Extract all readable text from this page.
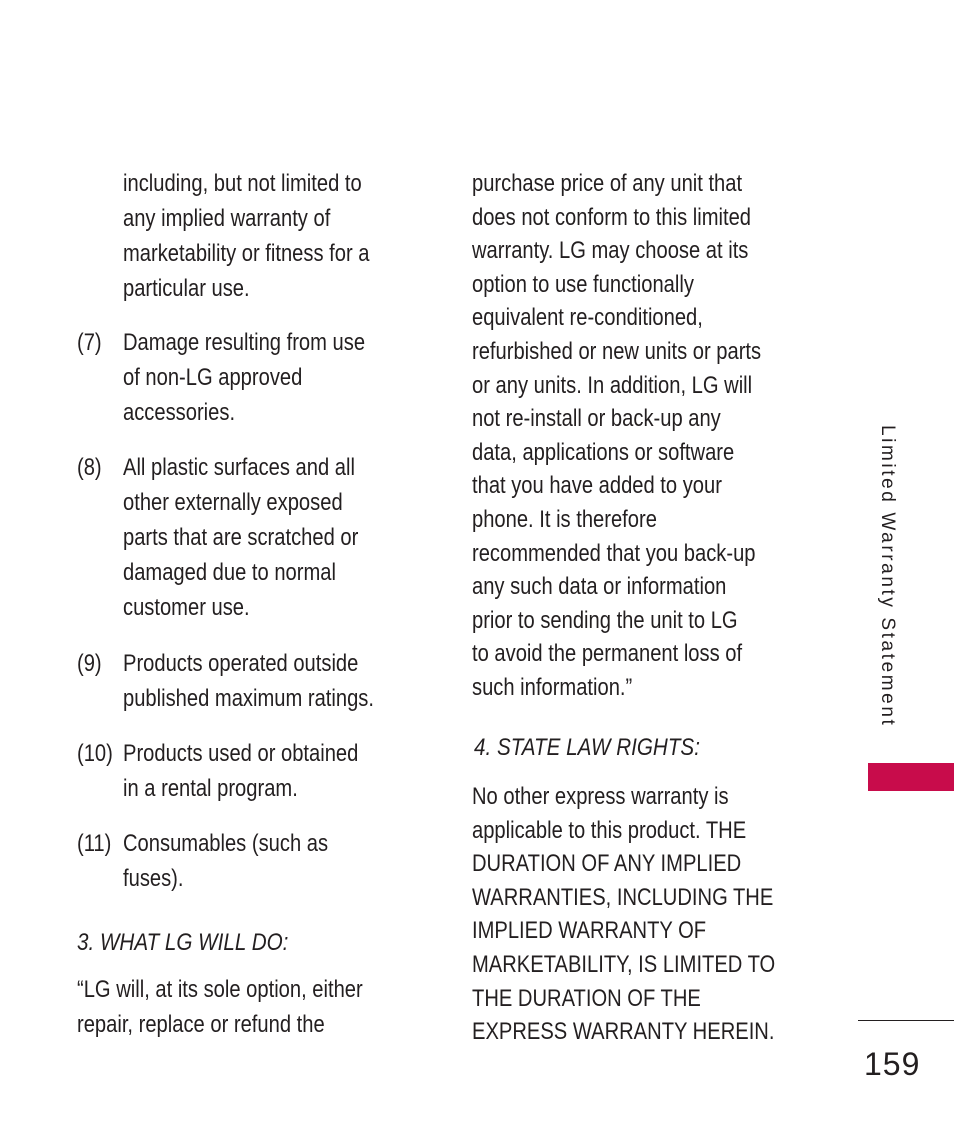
including, but not limited to
any implied warranty of
marketability or fitness for a
particular use.
(7) Damage resulting from use
of non-LG approved
accessories.
(8) All plastic surfaces and all
other externally exposed
parts that are scratched or
damaged due to normal
customer use.
(9) Products operated outside
published maximum ratings.
(10) Products used or obtained
in a rental program.
(11) Consumables (such as
fuses).
3. WHAT LG WILL DO:
“LG will, at its sole option, either
repair, replace or refund the
purchase price of any unit that
does not conform to this limited
warranty. LG may choose at its
option to use functionally
equivalent re-conditioned,
refurbished or new units or parts
or any units. In addition, LG will
not re-install or back-up any
data, applications or software
that you have added to your
phone. It is therefore
recommended that you back-up
any such data or information
prior to sending the unit to LG
to avoid the permanent loss of
such information.”
4. STATE LAW RIGHTS:
No other express warranty is
applicable to this product. THE
DURATION OF ANY IMPLIED
WARRANTIES, INCLUDING THE
IMPLIED WARRANTY OF
MARKETABILITY, IS LIMITED TO
THE DURATION OF THE
EXPRESS WARRANTY HEREIN.
Limited Warranty Statement
159
